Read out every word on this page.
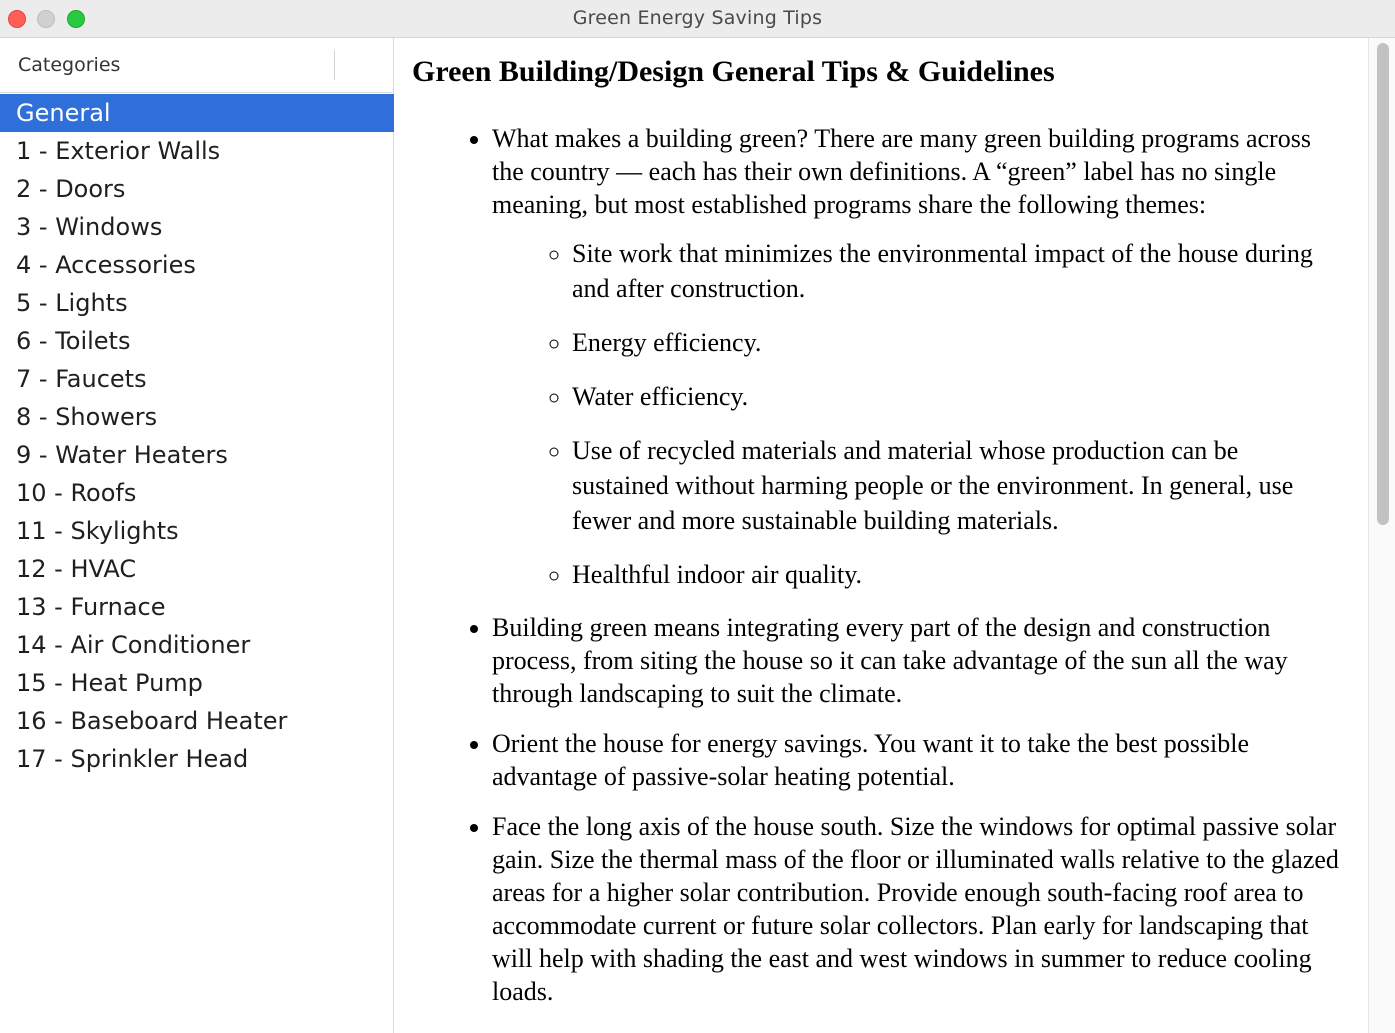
Green Energy Saving Tips
Categories
General
1 - Exterior Walls
2 - Doors
3 - Windows
4 - Accessories
5 - Lights
6 - Toilets
7 - Faucets
8 - Showers
9 - Water Heaters
10 - Roofs
11 - Skylights
12 - HVAC
13 - Furnace
14 - Air Conditioner
15 - Heat Pump
16 - Baseboard Heater
17 - Sprinkler Head
Green Building/Design General Tips & Guidelines
• What makes a building green? There are many green building programs across the country — each has their own definitions. A “green” label has no single meaning, but most established programs share the following themes:
◦ Site work that minimizes the environmental impact of the house during and after construction.
◦ Energy efficiency.
◦ Water efficiency.
◦ Use of recycled materials and material whose production can be sustained without harming people or the environment. In general, use fewer and more sustainable building materials.
◦ Healthful indoor air quality.
• Building green means integrating every part of the design and construction process, from siting the house so it can take advantage of the sun all the way through landscaping to suit the climate.
• Orient the house for energy savings. You want it to take the best possible advantage of passive-solar heating potential.
• Face the long axis of the house south. Size the windows for optimal passive solar gain. Size the thermal mass of the floor or illuminated walls relative to the glazed areas for a higher solar contribution. Provide enough south-facing roof area to accommodate current or future solar collectors. Plan early for landscaping that will help with shading the east and west windows in summer to reduce cooling loads.
